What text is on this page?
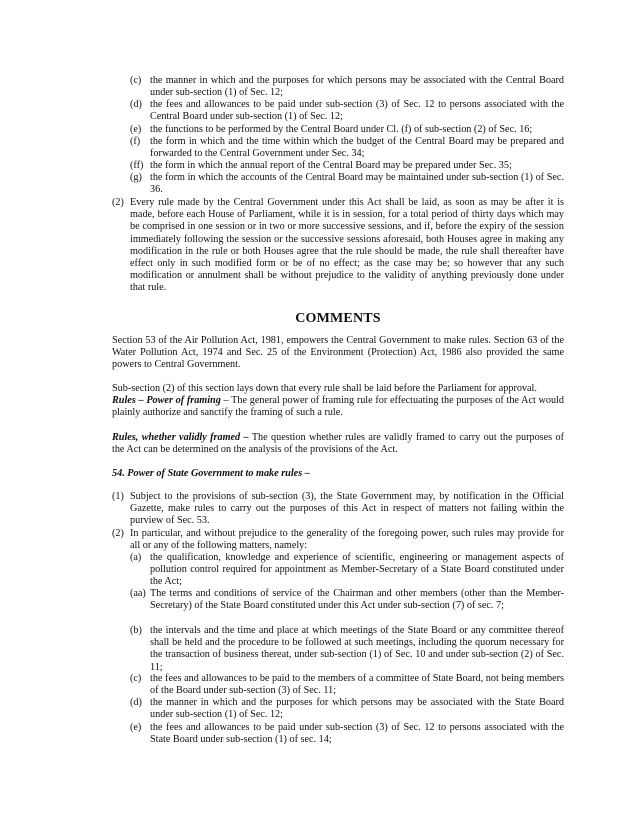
(c) the manner in which and the purposes for which persons may be associated with the Central Board under sub-section (1) of Sec. 12;
(d) the fees and allowances to be paid under sub-section (3) of Sec. 12 to persons associated with the Central Board under sub-section (1) of Sec. 12;
(e) the functions to be performed by the Central Board under Cl. (f) of sub-section (2) of Sec. 16;
(f) the form in which and the time within which the budget of the Central Board may be prepared and forwarded to the Central Government under Sec. 34;
(ff) the form in which the annual report of the Central Board may be prepared under Sec. 35;
(g) the form in which the accounts of the Central Board may be maintained under sub-section (1) of Sec. 36.
(2) Every rule made by the Central Government under this Act shall be laid, as soon as may be after it is made, before each House of Parliament, while it is in session, for a total period of thirty days which may be comprised in one session or in two or more successive sessions, and if, before the expiry of the session immediately following the session or the successive sessions aforesaid, both Houses agree in making any modification in the rule or both Houses agree that the rule should be made, the rule shall thereafter have effect only in such modified form or be of no effect; as the case may be; so however that any such modification or annulment shall be without prejudice to the validity of anything previously done under that rule.
COMMENTS
Section 53 of the Air Pollution Act, 1981, empowers the Central Government to make rules. Section 63 of the Water Pollution Act, 1974 and Sec. 25 of the Environment (Protection) Act, 1986 also provided the same powers to Central Government.
Sub-section (2) of this section lays down that every rule shall be laid before the Parliament for approval.
Rules – Power of framing – The general power of framing rule for effectuating the purposes of the Act would plainly authorize and sanctify the framing of such a rule.
Rules, whether validly framed – The question whether rules are validly framed to carry out the purposes of the Act can be determined on the analysis of the provisions of the Act.
54. Power of State Government to make rules –
(1) Subject to the provisions of sub-section (3), the State Government may, by notification in the Official Gazette, make rules to carry out the purposes of this Act in respect of matters not failing within the purview of Sec. 53.
(2) In particular, and without prejudice to the generality of the foregoing power, such rules may provide for all or any of the following matters, namely:
(a) the qualification, knowledge and experience of scientific, engineering or management aspects of pollution control required for appointment as Member-Secretary of a State Board constituted under the Act;
(aa) The terms and conditions of service of the Chairman and other members (other than the Member-Secretary) of the State Board constituted under this Act under sub-section (7) of sec. 7;
(b) the intervals and the time and place at which meetings of the State Board or any committee thereof shall be held and the procedure to be followed at such meetings, including the quorum necessary for the transaction of business thereat, under sub-section (1) of Sec. 10 and under sub-section (2) of Sec. 11;
(c) the fees and allowances to be paid to the members of a committee of State Board, not being members of the Board under sub-section (3) of Sec. 11;
(d) the manner in which and the purposes for which persons may be associated with the State Board under sub-section (1) of Sec. 12;
(e) the fees and allowances to be paid under sub-section (3) of Sec. 12 to persons associated with the State Board under sub-section (1) of sec. 14;
